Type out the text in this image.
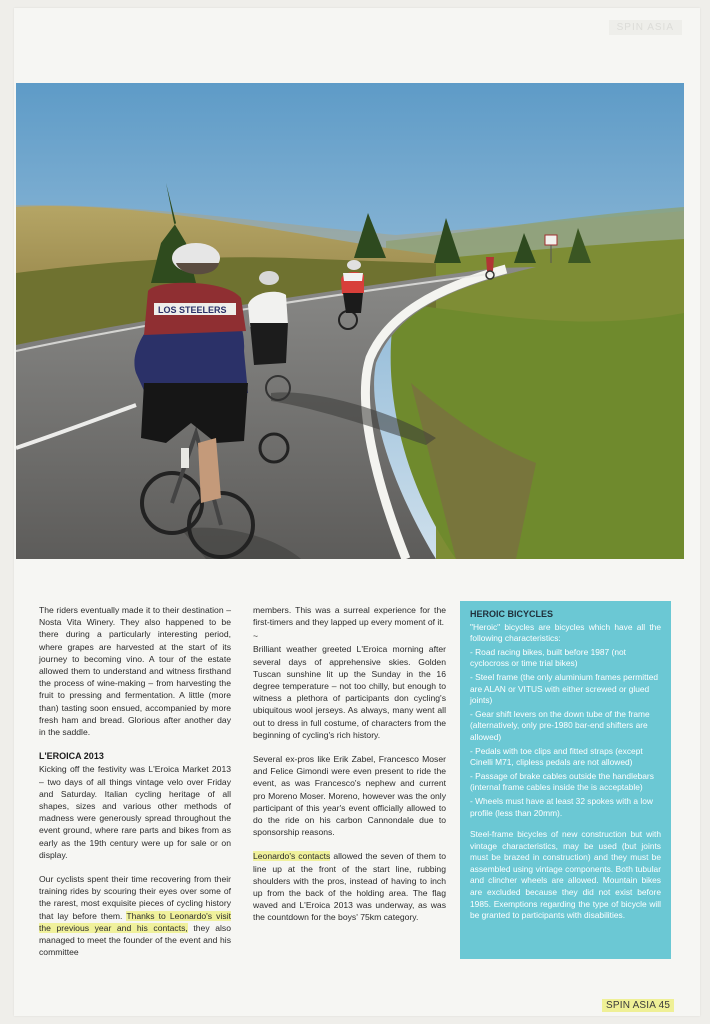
SPIN ASIA
LOS STEELERS

The riders eventually made it to their destination – Nosta Vita Winery. They also happened to be there during a particularly interesting period, where grapes are harvested at the start of its journey to becoming vino. A tour of the estate allowed them to understand and witness firsthand the process of wine-making – from harvesting the fruit to pressing and fermentation. A little (more than) tasting soon ensued, accompanied by more fresh ham and bread. Glorious after another day in the saddle.

L'EROICA 2013

Kicking off the festivity was L'Eroica Market 2013 – two days of all things vintage velo over Friday and Saturday. Italian cycling heritage of all shapes, sizes and various other methods of madness were generously spread throughout the event ground, where rare parts and bikes from as early as the 19th century were up for sale or on display.

Our cyclists spent their time recovering from their training rides by scouring their eyes over some of the rarest, most exquisite pieces of cycling history that lay before them. Thanks to Leonardo's visit the previous year and his contacts, they also managed to meet the founder of the event and his committee

members. This was a surreal experience for the first-timers and they lapped up every moment of it.

~

Brilliant weather greeted L'Eroica morning after several days of apprehensive skies. Golden Tuscan sunshine lit up the Sunday in the 16 degree temperature – not too chilly, but enough to witness a plethora of participants don cycling's ubiquitous wool jerseys. As always, many went all out to dress in full costume, of characters from the beginning of cycling's rich history.

Several ex-pros like Erik Zabel, Francesco Moser and Felice Gimondi were even present to ride the event, as was Francesco's nephew and current pro Moreno Moser. Moreno, however was the only participant of this year's event officially allowed to do the ride on his carbon Cannondale due to sponsorship reasons.

Leonardo's contacts allowed the seven of them to line up at the front of the start line, rubbing shoulders with the pros, instead of having to inch up from the back of the holding area. The flag waved and L'Eroica 2013 was underway, as was the countdown for the boys' 75km category.

HEROIC BICYCLES

"Heroic" bicycles are bicycles which have all the following characteristics:

- Road racing bikes, built before 1987 (not cyclocross or time trial bikes)
- Steel frame (the only aluminium frames permitted are ALAN or VITUS with either screwed or glued joints)
- Gear shift levers on the down tube of the frame (alternatively, only pre-1980 bar-end shifters are allowed)
- Pedals with toe clips and fitted straps (except Cinelli M71, clipless pedals are not allowed)
- Passage of brake cables outside the handlebars (internal frame cables inside the is acceptable)
- Wheels must have at least 32 spokes with a low profile (less than 20mm).

Steel-frame bicycles of new construction but with vintage characteristics, may be used (but joints must be brazed in construction) and they must be assembled using vintage components. Both tubular and clincher wheels are allowed. Mountain bikes are excluded because they did not exist before 1985. Exemptions regarding the type of bicycle will be granted to participants with disabilities.

SPIN ASIA 45
